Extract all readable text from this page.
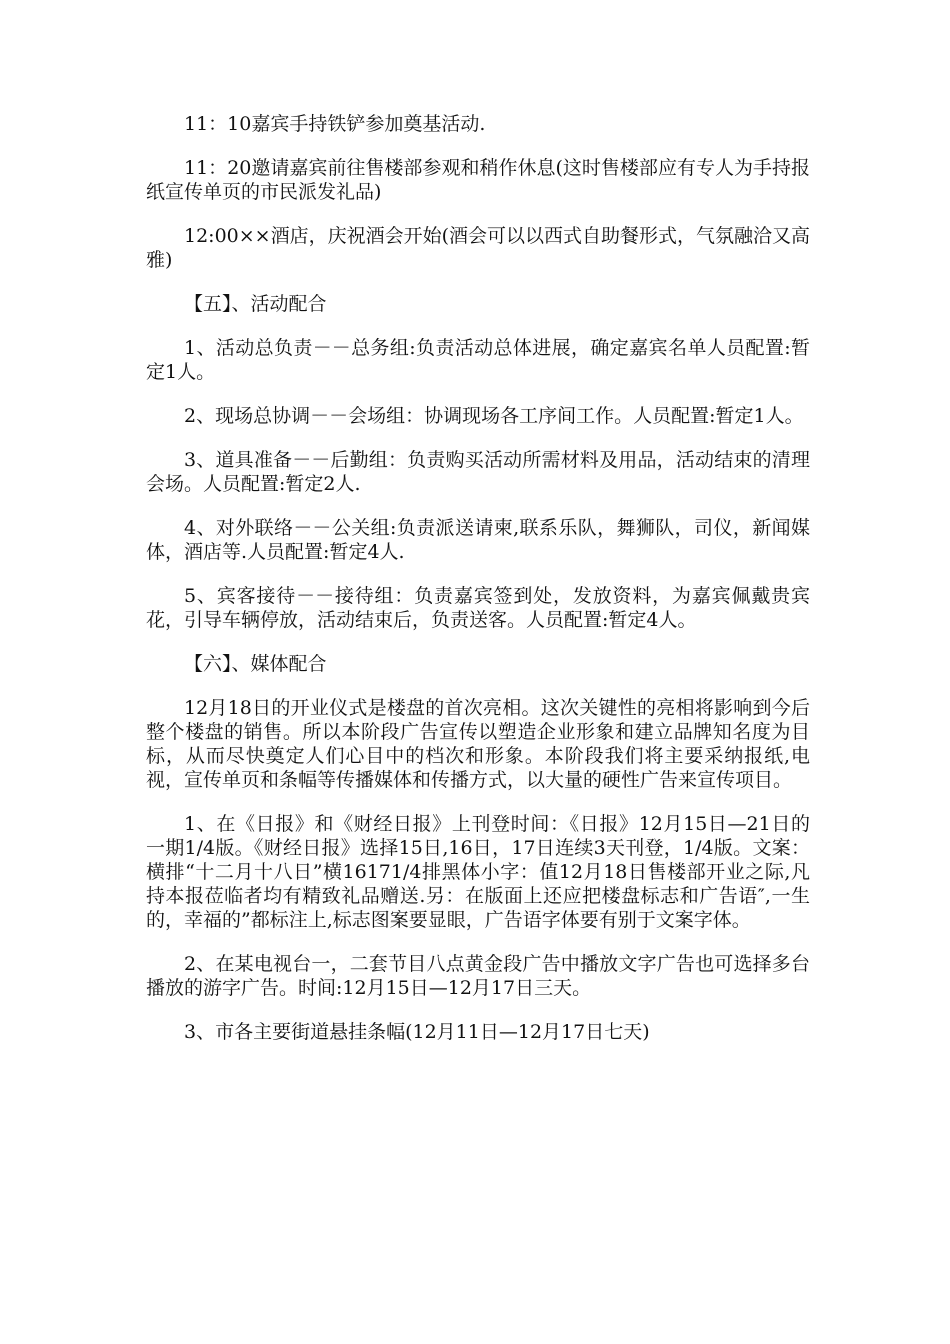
11：10嘉宾手持铁铲参加奠基活动.

11：20邀请嘉宾前往售楼部参观和稍作休息(这时售楼部应有专人为手持报纸宣传单页的市民派发礼品)

12:00××酒店，庆祝酒会开始(酒会可以以西式自助餐形式，气氛融洽又高雅)

【五】、活动配合

1、活动总负责－－总务组:负责活动总体进展，确定嘉宾名单人员配置:暂定1人。

2、现场总协调－－会场组：协调现场各工序间工作。人员配置:暂定1人。

3、道具准备－－后勤组：负责购买活动所需材料及用品，活动结束的清理会场。人员配置:暂定2人.

4、对外联络－－公关组:负责派送请柬,联系乐队，舞狮队，司仪，新闻媒体，酒店等.人员配置:暂定4人.

5、宾客接待－－接待组：负责嘉宾签到处，发放资料，为嘉宾佩戴贵宾花，引导车辆停放，活动结束后，负责送客。人员配置:暂定4人。

【六】、媒体配合

12月18日的开业仪式是楼盘的首次亮相。这次关键性的亮相将影响到今后整个楼盘的销售。所以本阶段广告宣传以塑造企业形象和建立品牌知名度为目标，从而尽快奠定人们心目中的档次和形象。本阶段我们将主要采纳报纸,电视，宣传单页和条幅等传播媒体和传播方式，以大量的硬性广告来宣传项目。

1、在《日报》和《财经日报》上刊登时间：《日报》12月15日—21日的一期1/4版。《财经日报》选择15日,16日，17日连续3天刊登，1/4版。文案：横排“十二月十八日”横16171/4排黑体小字：值12月18日售楼部开业之际,凡持本报莅临者均有精致礼品赠送.另：在版面上还应把楼盘标志和广告语″,一生的，幸福的”都标注上,标志图案要显眼，广告语字体要有别于文案字体。

2、在某电视台一，二套节目八点黄金段广告中播放文字广告也可选择多台播放的游字广告。时间:12月15日—12月17日三天。

3、市各主要街道悬挂条幅(12月11日—12月17日七天)
